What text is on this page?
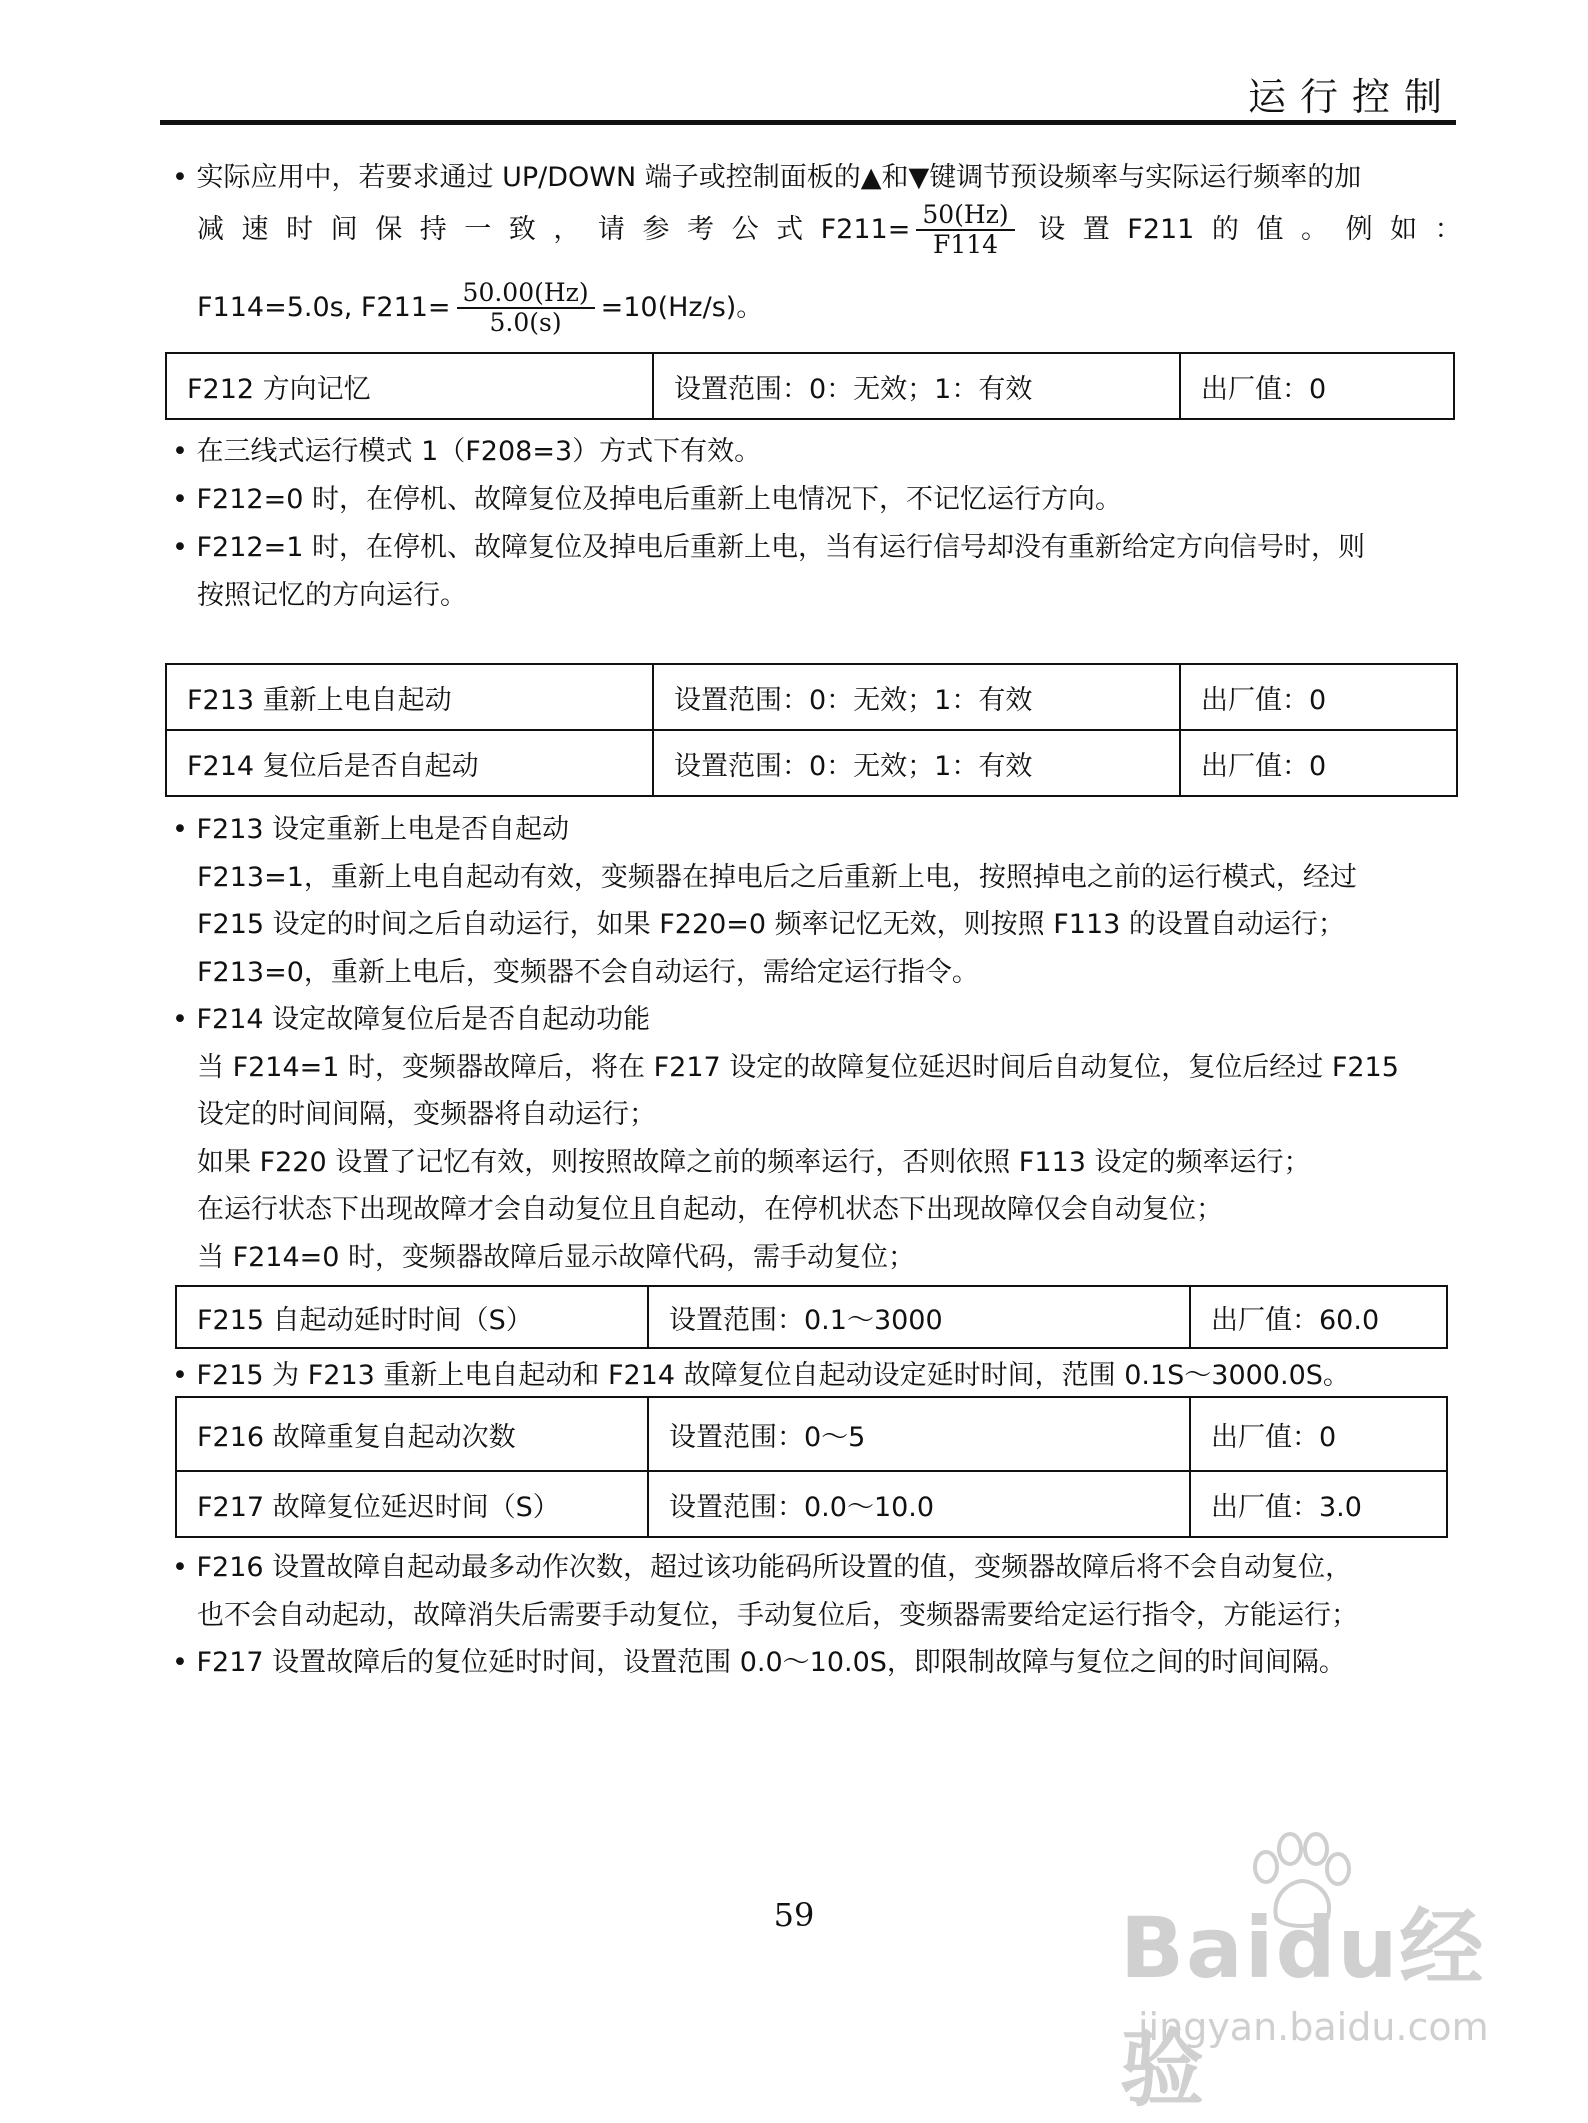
运行控制
• 实际应用中，若要求通过 UP/DOWN 端子或控制面板的▲和▼键调节预设频率与实际运行频率的加
减 速 时 间 保 持 一 致 ， 请 参 考 公 式 $F211= \frac{50(Hz)}{F114}$ 设 置 F211 的 值 。 例 如 ：
F114=5.0s, $F211= \frac{50.00(Hz)}{5.0(s)} =10(Hz/s)$。
F212 方向记忆	设置范围：0：无效；1：有效	出厂值：0
• 在三线式运行模式 1（F208=3）方式下有效。
• F212=0 时，在停机、故障复位及掉电后重新上电情况下，不记忆运行方向。
• F212=1 时，在停机、故障复位及掉电后重新上电，当有运行信号却没有重新给定方向信号时，则
按照记忆的方向运行。
F213 重新上电自起动	设置范围：0：无效；1：有效	出厂值：0
F214 复位后是否自起动	设置范围：0：无效；1：有效	出厂值：0
• F213 设定重新上电是否自起动
F213=1，重新上电自起动有效，变频器在掉电后之后重新上电，按照掉电之前的运行模式，经过
F215 设定的时间之后自动运行，如果 F220=0 频率记忆无效，则按照 F113 的设置自动运行；
F213=0，重新上电后，变频器不会自动运行，需给定运行指令。
• F214 设定故障复位后是否自起动功能
当 F214=1 时，变频器故障后，将在 F217 设定的故障复位延迟时间后自动复位，复位后经过 F215
设定的时间间隔，变频器将自动运行；
如果 F220 设置了记忆有效，则按照故障之前的频率运行，否则依照 F113 设定的频率运行；
在运行状态下出现故障才会自动复位且自起动，在停机状态下出现故障仅会自动复位；
当 F214=0 时，变频器故障后显示故障代码，需手动复位；
F215 自起动延时时间（S）	设置范围：0.1～3000	出厂值：60.0
• F215 为 F213 重新上电自起动和 F214 故障复位自起动设定延时时间，范围 0.1S～3000.0S。
F216 故障重复自起动次数	设置范围：0～5	出厂值：0
F217 故障复位延迟时间（S）	设置范围：0.0～10.0	出厂值：3.0
• F216 设置故障自起动最多动作次数，超过该功能码所设置的值，变频器故障后将不会自动复位，
也不会自动起动，故障消失后需要手动复位，手动复位后，变频器需要给定运行指令，方能运行；
• F217 设置故障后的复位延时时间，设置范围 0.0～10.0S，即限制故障与复位之间的时间间隔。
59	Baidu经验
jingyan.baidu.com
